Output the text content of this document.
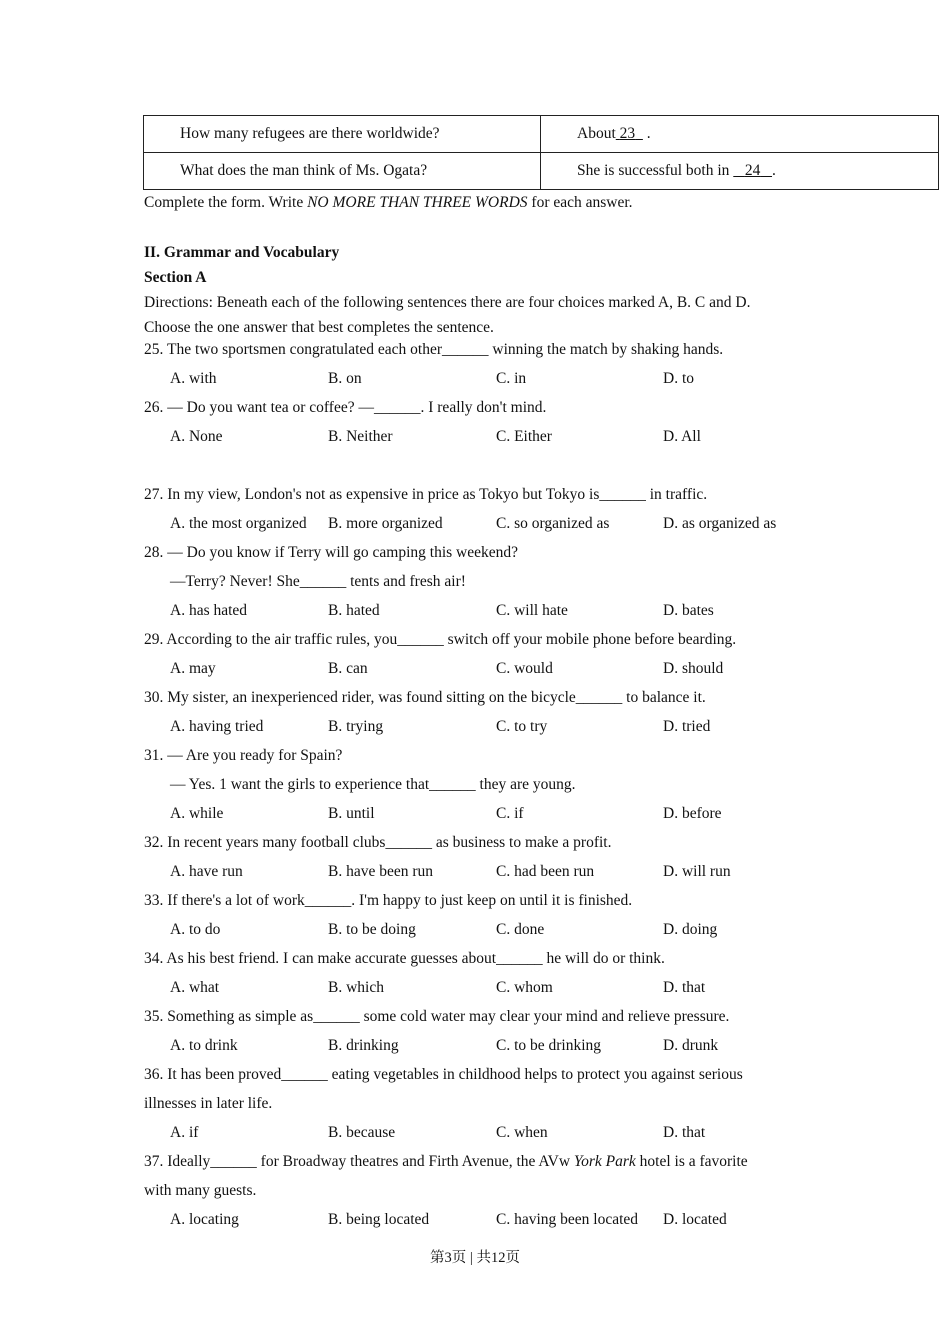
How many refugees are there worldwide?	About 23   .
What does the man think of Ms. Ogata?	She is successful both in    24 .
Complete the form. Write NO MORE THAN THREE WORDS for each answer.
II. Grammar and Vocabulary
Section A
Directions: Beneath each of the following sentences there are four choices marked A, B. C and D.
Choose the one answer that best completes the sentence.
25. The two sportsmen congratulated each other______ winning the match by shaking hands.
A. with	B. on	C. in	D. to
26. — Do you want tea or coffee? —______. I really don't mind.
A. None	B. Neither	C. Either	D. All
27. In my view, London's not as expensive in price as Tokyo but Tokyo is______ in traffic.
A. the most organized B. more organized	C. so organized as	D. as organized as
28. — Do you know if Terry will go camping this weekend?
—Terry? Never! She______ tents and fresh air!
A. has hated	B. hated	C. will hate	D. bates
29. According to the air traffic rules, you______ switch off your mobile phone before bearding.
A. may	B. can	C. would	D. should
30. My sister, an inexperienced rider, was found sitting on the bicycle______ to balance it.
A. having tried	B. trying	C. to try	D. tried
31. — Are you ready for Spain?
— Yes. 1 want the girls to experience that______ they are young.
A. while	B. until	C. if	D. before
32. In recent years many football clubs______ as business to make a profit.
A. have run	B. have been run	C. had been run	D. will run
33. If there's a lot of work______. I'm happy to just keep on until it is finished.
A. to do	B. to be doing	C. done	D. doing
34. As his best friend. I can make accurate guesses about______ he will do or think.
A. what	B. which	C. whom	D. that
35. Something as simple as______ some cold water may clear your mind and relieve pressure.
A. to drink	B. drinking	C. to be drinking	D. drunk
36. It has been proved______ eating vegetables in childhood helps to protect you against serious
illnesses in later life.
A. if	B. because	C. when	D. that
37. Ideally______ for Broadway theatres and Firth Avenue, the AVw York Park hotel is a favorite
with many guests.
A. locating	B. being located	C. having been located D. located
第3页 | 共12页
